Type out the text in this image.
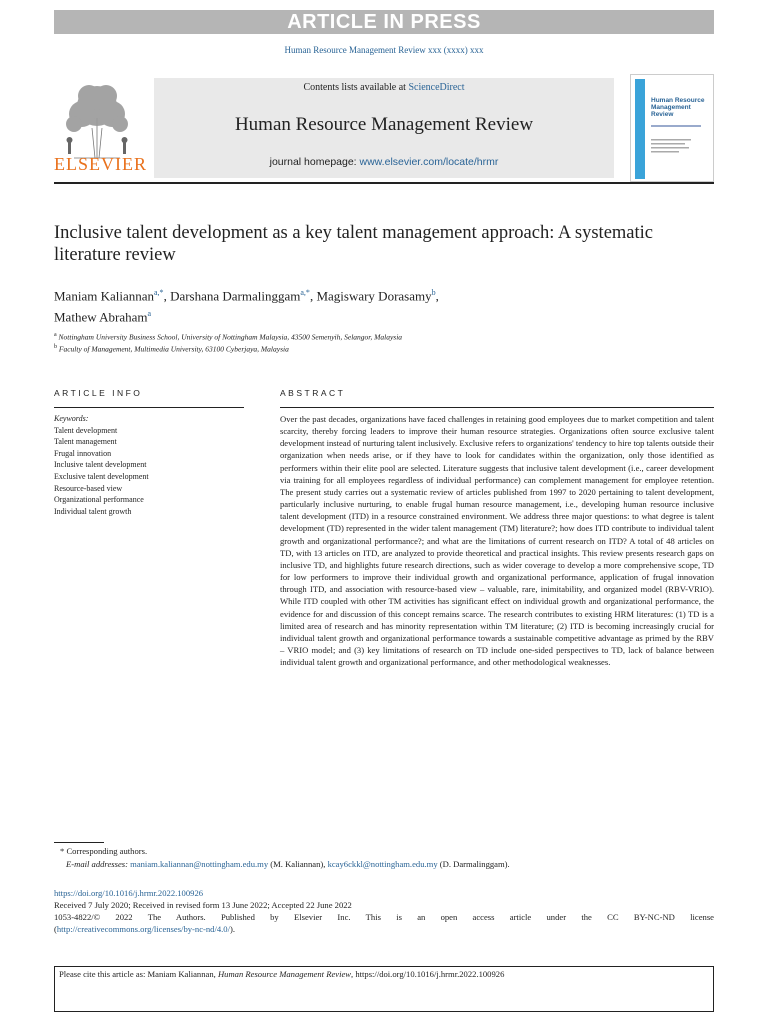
ARTICLE IN PRESS
Human Resource Management Review xxx (xxxx) xxx
ELSEVIER
Contents lists available at ScienceDirect
Human Resource Management Review
journal homepage: www.elsevier.com/locate/hrmr
Human Resource Management Review
Inclusive talent development as a key talent management approach: A systematic literature review
Maniam Kaliannan$^{a,*}$, Darshana Darmalinggam$^{a,*}$, Magiswary Dorasamy$^b$,
Mathew Abraham$^a$
$^a$ Nottingham University Business School, University of Nottingham Malaysia, 43500 Semenyih, Selangor, Malaysia
$^b$ Faculty of Management, Multimedia University, 63100 Cyberjaya, Malaysia
ARTICLE INFO	ABSTRACT
Keywords:
Talent development
Talent management
Frugal innovation
Inclusive talent development
Exclusive talent development
Resource-based view
Organizational performance
Individual talent growth
Over the past decades, organizations have faced challenges in retaining good employees due to market competition and talent scarcity, thereby forcing leaders to improve their human resource strategies. Organizations often source exclusive talent development instead of nurturing talent inclusively. Exclusive refers to organizations' tendency to hire top talents outside their organization when needs arise, or if they have to look for candidates within the organization, only those identified as performers within their elite pool are selected. Literature suggests that inclusive talent development (i.e., career development via training for all employees regardless of individual performance) can complement management for employee retention. The present study carries out a systematic review of articles published from 1997 to 2020 pertaining to talent development, particularly inclusive nurturing, to enable frugal human resource management, i.e., developing human resource inclusive talent development (ITD) in a resource constrained environment. We address three major questions: to what degree is talent development (TD) represented in the wider talent management (TM) literature?; how does ITD contribute to individual talent growth and organizational performance?; and what are the limitations of current research on ITD? A total of 48 articles on TD, with 13 articles on ITD, are analyzed to provide theoretical and practical insights. This review presents research gaps on inclusive TD, and highlights future research directions, such as wider coverage to develop a more comprehensive scope, TD for low performers to improve their individual growth and organizational performance, application of frugal innovation through ITD, and association with resource-based view – valuable, rare, inimitability, and organized model (RBV-VRIO). While ITD coupled with other TM activities has significant effect on individual growth and organizational performance, the evidence for and discussion of this concept remains scarce. The research contributes to existing HRM literatures: (1) TD is a limited area of research and has minority representation within TM literature; (2) ITD is becoming increasingly crucial for individual talent growth and organizational performance towards a sustainable competitive advantage as primed by the RBV – VRIO model; and (3) key limitations of research on TD include one-sided perspectives to TD, lack of balance between individual talent growth and organizational performance, and other methodological weaknesses.
* Corresponding authors.
E-mail addresses: maniam.kaliannan@nottingham.edu.my (M. Kaliannan), kcay6ckkl@nottingham.edu.my (D. Darmalinggam).
https://doi.org/10.1016/j.hrmr.2022.100926
Received 7 July 2020; Received in revised form 13 June 2022; Accepted 22 June 2022
1053-4822/© 2022 The Authors. Published by Elsevier Inc. This is an open access article under the CC BY-NC-ND license
(http://creativecommons.org/licenses/by-nc-nd/4.0/).
Please cite this article as: Maniam Kaliannan, Human Resource Management Review, https://doi.org/10.1016/j.hrmr.2022.100926
